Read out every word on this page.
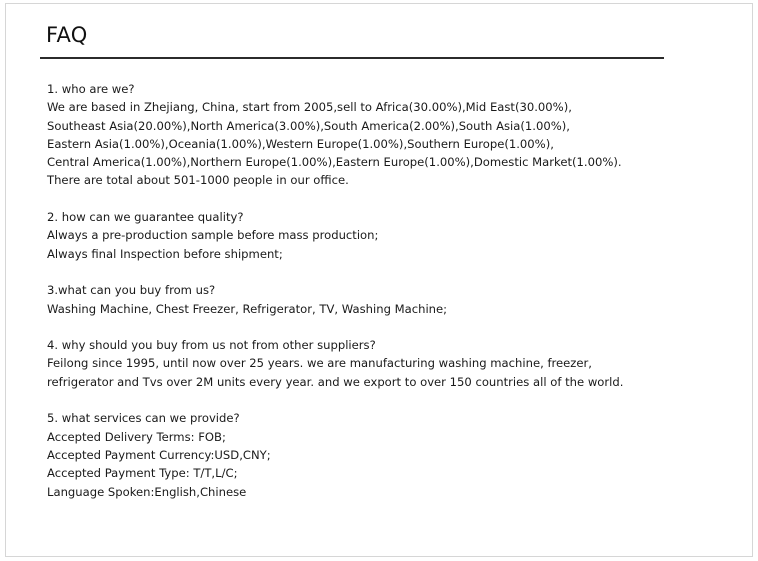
FAQ
1. who are we?
We are based in Zhejiang, China, start from 2005,sell to Africa(30.00%),Mid East(30.00%),
Southeast Asia(20.00%),North America(3.00%),South America(2.00%),South Asia(1.00%),
Eastern Asia(1.00%),Oceania(1.00%),Western Europe(1.00%),Southern Europe(1.00%),
Central America(1.00%),Northern Europe(1.00%),Eastern Europe(1.00%),Domestic Market(1.00%).
There are total about 501-1000 people in our office.
2. how can we guarantee quality?
Always a pre-production sample before mass production;
Always final Inspection before shipment;
3.what can you buy from us?
Washing Machine, Chest Freezer, Refrigerator, TV, Washing Machine;
4. why should you buy from us not from other suppliers?
Feilong since 1995, until now over 25 years. we are manufacturing washing machine, freezer,
refrigerator and Tvs over 2M units every year. and we export to over 150 countries all of the world.
5. what services can we provide?
Accepted Delivery Terms: FOB;
Accepted Payment Currency:USD,CNY;
Accepted Payment Type: T/T,L/C;
Language Spoken:English,Chinese
